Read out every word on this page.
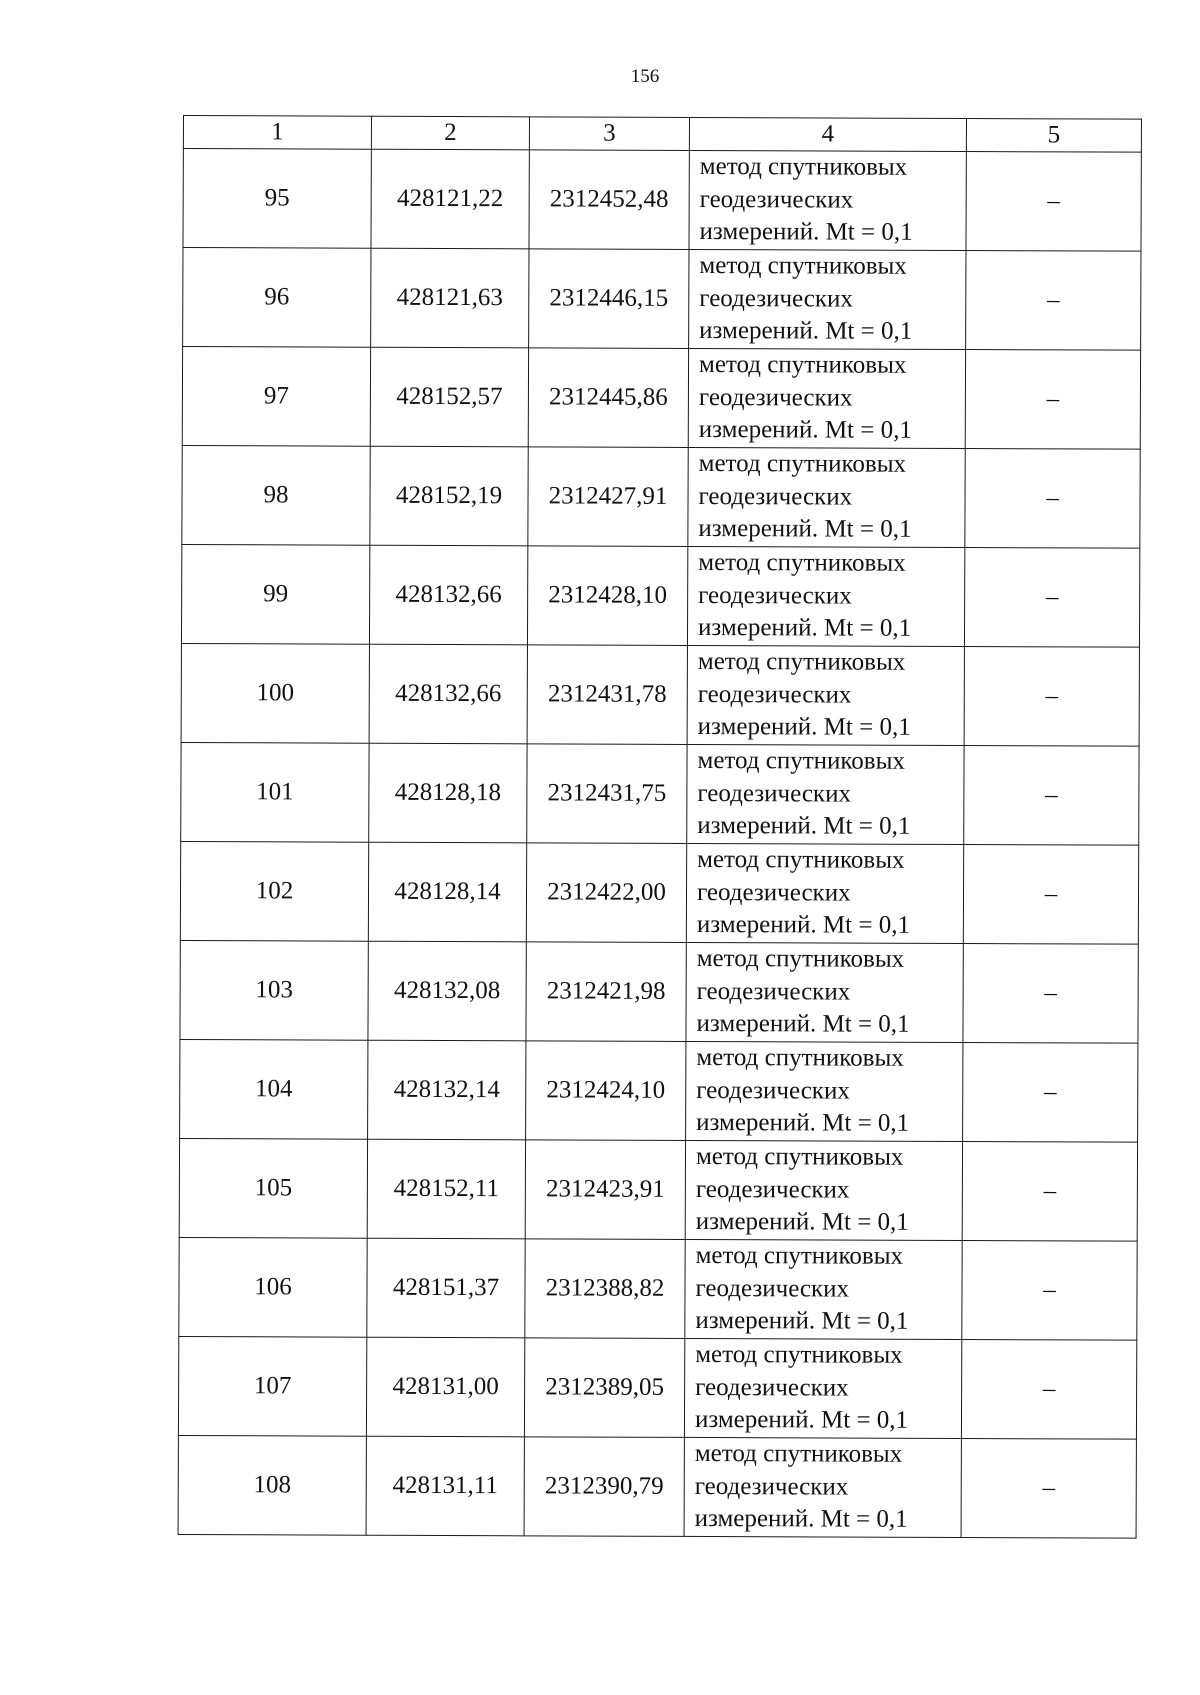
156
1	2	3	4	5
95	428121,22	2312452,48	метод спутниковых
геодезических
измерений. Mt = 0,1	–
96	428121,63	2312446,15	метод спутниковых
геодезических
измерений. Mt = 0,1	–
97	428152,57	2312445,86	метод спутниковых
геодезических
измерений. Mt = 0,1	–
98	428152,19	2312427,91	метод спутниковых
геодезических
измерений. Mt = 0,1	–
99	428132,66	2312428,10	метод спутниковых
геодезических
измерений. Mt = 0,1	–
100	428132,66	2312431,78	метод спутниковых
геодезических
измерений. Mt = 0,1	–
101	428128,18	2312431,75	метод спутниковых
геодезических
измерений. Mt = 0,1	–
102	428128,14	2312422,00	метод спутниковых
геодезических
измерений. Mt = 0,1	–
103	428132,08	2312421,98	метод спутниковых
геодезических
измерений. Mt = 0,1	–
104	428132,14	2312424,10	метод спутниковых
геодезических
измерений. Mt = 0,1	–
105	428152,11	2312423,91	метод спутниковых
геодезических
измерений. Mt = 0,1	–
106	428151,37	2312388,82	метод спутниковых
геодезических
измерений. Mt = 0,1	–
107	428131,00	2312389,05	метод спутниковых
геодезических
измерений. Mt = 0,1	–
108	428131,11	2312390,79	метод спутниковых
геодезических
измерений. Mt = 0,1	–
